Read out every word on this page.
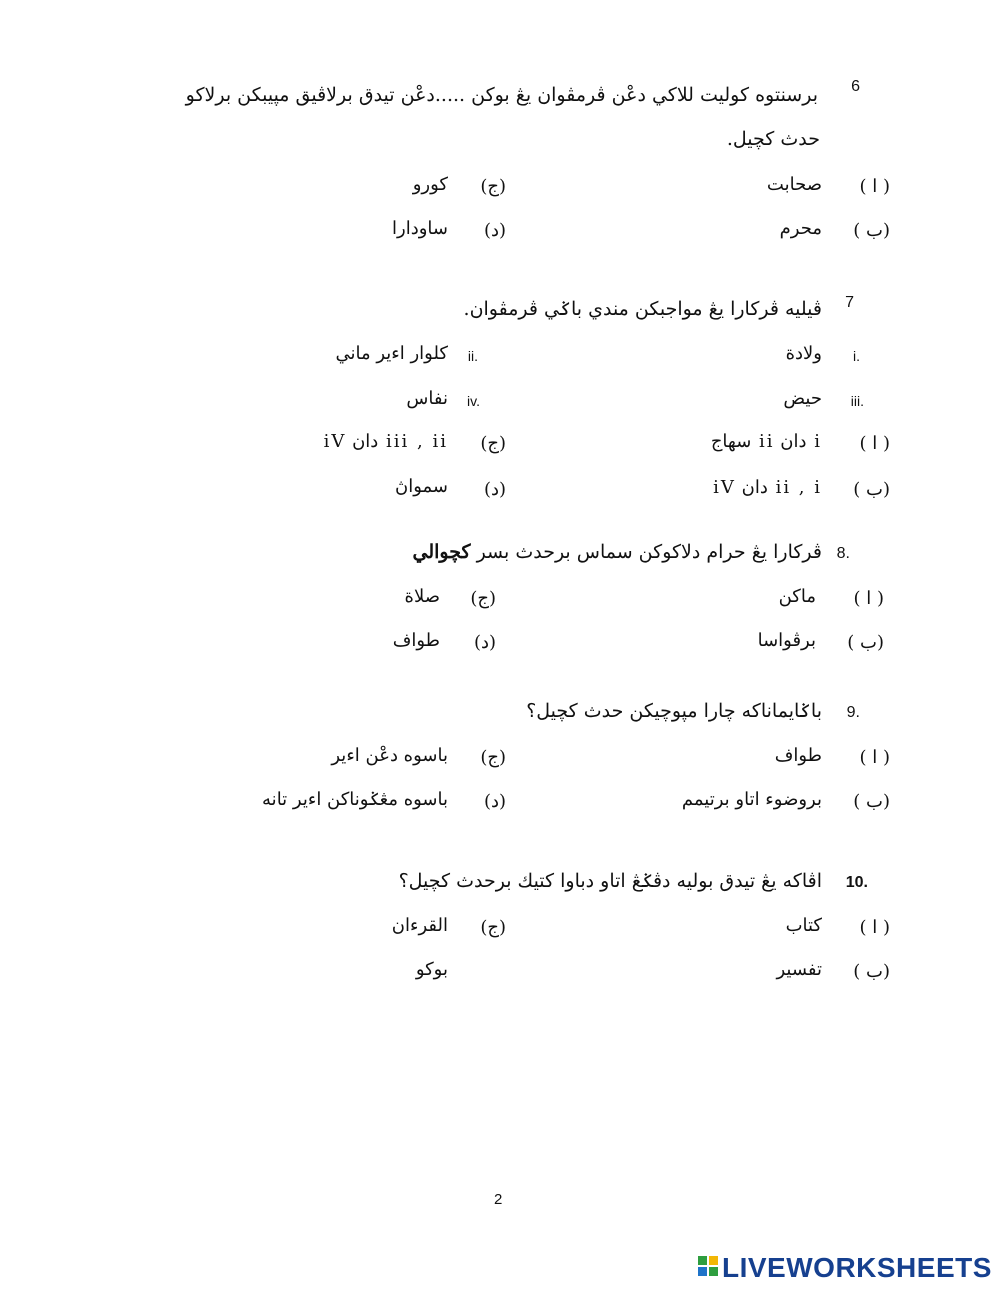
6
برسنتوه كوليت للاكي دعْن ڤرمڤوان يڠ بوكن .....دعْن تيدق برلاڤيق مپيبكن برلاكو
حدث كچيل.
( ا )
صحابت
(ب )
محرم
(ج)
كورو
(د)
ساودارا
7
ڤيليه ڤركارا يڠ مواجبكن مندي باݢي ڤرمڤوان.
i.
ولادة
ii.
كلوار اءير ماني
iii.
حيض
iv.
نفاس
( ا )
i دان ii سهاج
(ب )
ii , i دان iV
(ج)
iii , ii دان iV
(د)
سمواڽ
8.
ڤركارا يڠ حرام دلاكوكن سماس برحدث بسر كچوالي
( ا )
ماكن
(ب )
برڤواسا
(ج)
صلاة
(د)
طواف
9.
باݢايماناكه چارا مپوچيكن حدث كچيل؟
( ا )
طواف
(ب )
بروضوء اتاو برتيمم
(ج)
باسوه دعْن اءير
(د)
باسوه مڠݢوناكن اءير تانه
10.
اڤاكه يڠ تيدق بوليه دڤݢڠ اتاو دباوا كتيك برحدث كچيل؟
( ا )
كتاب
(ب )
تفسير
(ج)
القرءان
بوكو
2
LIVEWORKSHEETS
